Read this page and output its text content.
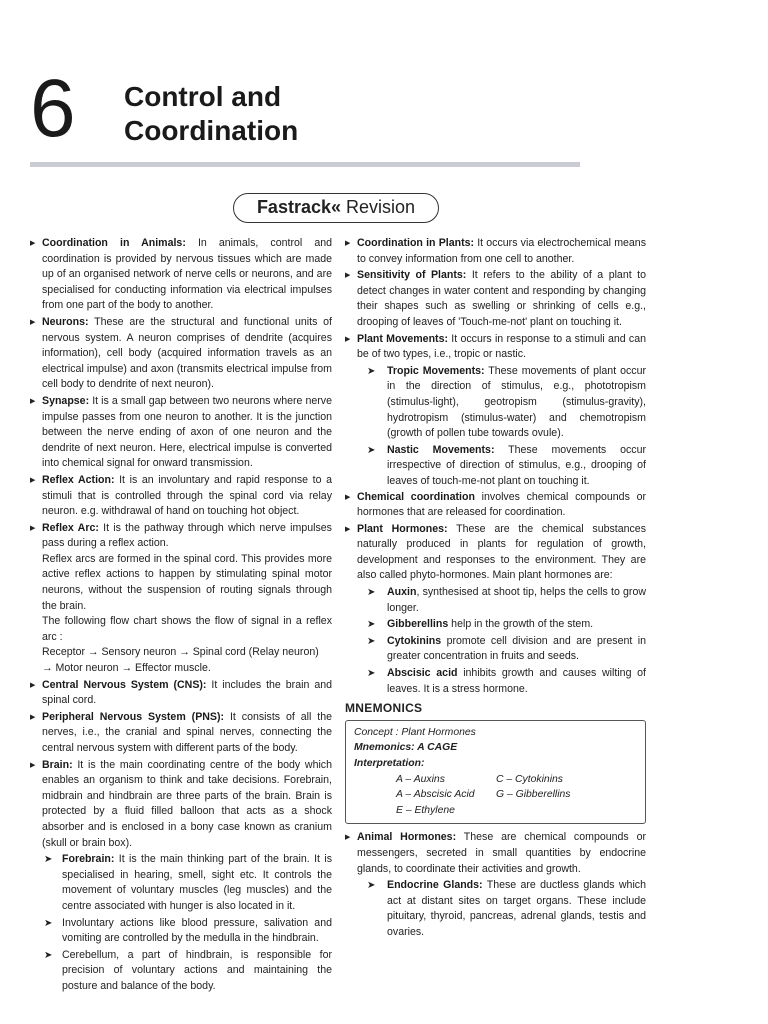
6 Control and
Coordination
Fastrack« Revision
▶ Coordination in Animals: In animals, control and coordination is provided by nervous tissues which are made up of an organised network of nerve cells or neurons, and are specialised for conducting information via electrical impulses from one part of the body to another.
▶ Neurons: These are the structural and functional units of nervous system. A neuron comprises of dendrite (acquires information), cell body (acquired information travels as an electrical impulse) and axon (transmits electrical impulse from cell body to dendrite of next neuron).
▶ Synapse: It is a small gap between two neurons where nerve impulse passes from one neuron to another. It is the junction between the nerve ending of axon of one neuron and the dendrite of next neuron. Here, electrical impulse is converted into chemical signal for onward transmission.
▶ Reflex Action: It is an involuntary and rapid response to a stimuli that is controlled through the spinal cord via relay neuron. e.g. withdrawal of hand on touching hot object.
▶ Reflex Arc: It is the pathway through which nerve impulses pass during a reflex action.

Reflex arcs are formed in the spinal cord. This provides more active reflex actions to happen by stimulating spinal motor neurons, without the suspension of routing signals through the brain.

The following flow chart shows the flow of signal in a reflex arc :

Receptor → Sensory neuron → Spinal cord (Relay neuron) → Motor neuron → Effector muscle.

▶ Central Nervous System (CNS): It includes the brain and spinal cord.
▶ Peripheral Nervous System (PNS): It consists of all the nerves, i.e., the cranial and spinal nerves, connecting the central nervous system with different parts of the body.
▶ Brain: It is the main coordinating centre of the body which enables an organism to think and take decisions. Forebrain, midbrain and hindbrain are three parts of the brain. Brain is protected by a fluid filled balloon that acts as a shock absorber and is enclosed in a bony case known as cranium (skull or brain box).
➤ Forebrain: It is the main thinking part of the brain. It is specialised in hearing, smell, sight etc. It controls the movement of voluntary muscles (leg muscles) and the centre associated with hunger is also located in it.
➤ Involuntary actions like blood pressure, salivation and vomiting are controlled by the medulla in the hindbrain.
➤ Cerebellum, a part of hindbrain, is responsible for precision of voluntary actions and maintaining the posture and balance of the body.
▶ Coordination in Plants: It occurs via electrochemical means to convey information from one cell to another.
▶ Sensitivity of Plants: It refers to the ability of a plant to detect changes in water content and responding by changing their shapes such as swelling or shrinking of cells e.g., drooping of leaves of 'Touch-me-not' plant on touching it.
▶ Plant Movements: It occurs in response to a stimuli and can be of two types, i.e., tropic or nastic.
➤ Tropic Movements: These movements of plant occur in the direction of stimulus, e.g., phototropism (stimulus-light), geotropism (stimulus-gravity), hydrotropism (stimulus-water) and chemotropism (growth of pollen tube towards ovule).
➤ Nastic Movements: These movements occur irrespective of direction of stimulus, e.g., drooping of leaves of touch-me-not plant on touching it.
▶ Chemical coordination involves chemical compounds or hormones that are released for coordination.
▶ Plant Hormones: These are the chemical substances naturally produced in plants for regulation of growth, development and responses to the environment. They are also called phyto-hormones. Main plant hormones are:
➤ Auxin, synthesised at shoot tip, helps the cells to grow longer.
➤ Gibberellins help in the growth of the stem.
➤ Cytokinins promote cell division and are present in greater concentration in fruits and seeds.
➤ Abscisic acid inhibits growth and causes wilting of leaves. It is a stress hormone.
MNEMONICS
Concept : Plant Hormones
Mnemonics: A CAGE
Interpretation:
A – Auxins	C – Cytokinins
A – Abscisic Acid	G – Gibberellins
E – Ethylene
▶ Animal Hormones: These are chemical compounds or messengers, secreted in small quantities by endocrine glands, to coordinate their activities and growth.
➤ Endocrine Glands: These are ductless glands which act at distant sites on target organs. These include pituitary, thyroid, pancreas, adrenal glands, testis and ovaries.
